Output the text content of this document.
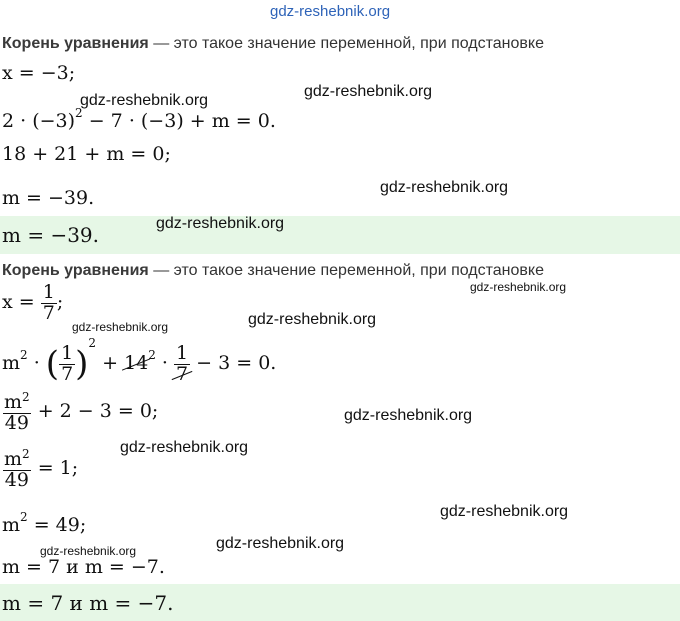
gdz-reshebnik.org
Корень уравнения — это такое значение переменной, при подстановке
x = −3;
$2 \cdot (-3)^2 - 7 \cdot (-3) + m = 0$.
18 + 21 + m = 0;
m = −39.
m = −39.
gdz-reshebnik.org
gdz-reshebnik.org
gdz-reshebnik.org
gdz-reshebnik.org
Корень уравнения — это такое значение переменной, при подстановке
$x = \frac{1}{7}$ ;
$m^2$ · ( $\frac{1}{7} )^2 + 14^2 \cdot \frac{1}{7} - 3 = 0$.
$\frac{m^2}{49} + 2 - 3 = 0$;
$\frac{m^2}{49} = 1$;
$m^2 = 49$;
m = 7 и m = −7.
m = 7 и m = −7.
gdz-reshebnik.org
gdz-reshebnik.org	gdz-reshebnik.org
gdz-reshebnik.org
gdz-reshebnik.org
gdz-reshebnik.org
gdz-reshebnik.org	gdz-reshebnik.org
